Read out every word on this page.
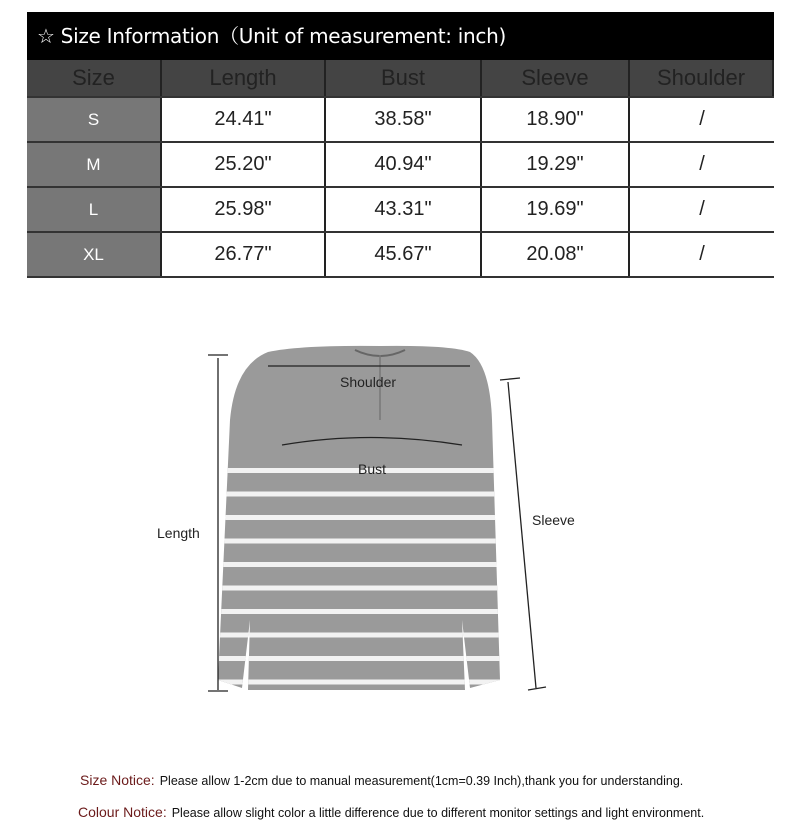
☆ Size Information（Unit of measurement: inch)
Size	Length	Bust	Sleeve	Shoulder
S	24.41"	38.58"	18.90"	/
M	25.20"	40.94"	19.29"	/
L	25.98"	43.31"	19.69"	/
XL	26.77"	45.67"	20.08"	/
Shoulder
Bust
Length
Sleeve
Size Notice: Please allow 1-2cm due to manual measurement(1cm=0.39 Inch),thank you for understanding.
Colour Notice: Please allow slight color a little difference due to different monitor settings and light environment.
